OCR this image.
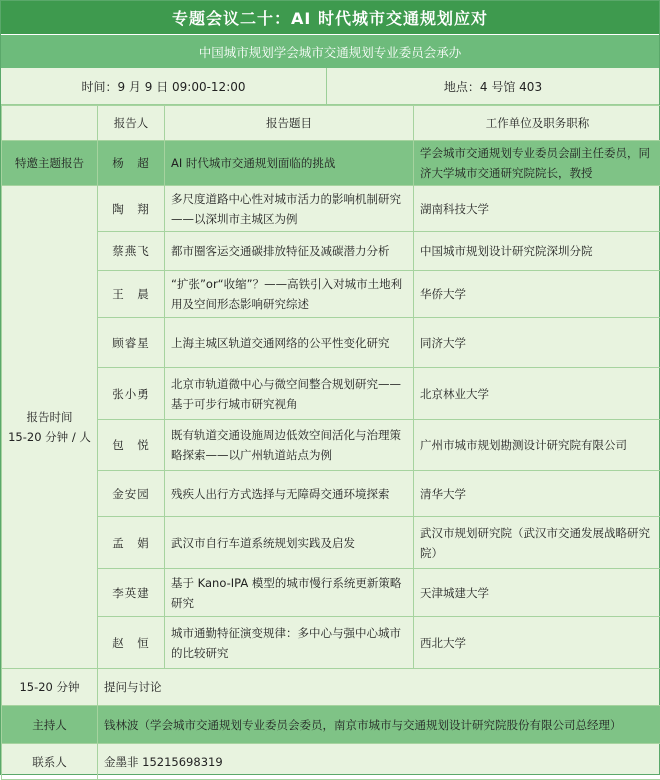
专题会议二十：AI 时代城市交通规划应对
中国城市规划学会城市交通规划专业委员会承办
时间：9 月 9 日 09:00-12:00	地点：4 号馆 403
	报告人	报告题目	工作单位及职务职称
特邀主题报告	杨　超	AI 时代城市交通规划面临的挑战	学会城市交通规划专业委员会副主任委员，同济大学城市交通研究院院长，教授

报告时间
15-20 分钟 / 人	陶　翔	多尺度道路中心性对城市活力的影响机制研究——以深圳市主城区为例	湖南科技大学
	蔡燕飞	都市圈客运交通碳排放特征及减碳潜力分析	中国城市规划设计研究院深圳分院
	王　晨	“扩张”or“收缩”？——高铁引入对城市土地利用及空间形态影响研究综述	华侨大学
	顾睿星	上海主城区轨道交通网络的公平性变化研究	同济大学
	张小勇	北京市轨道微中心与微空间整合规划研究——基于可步行城市研究视角	北京林业大学
	包　悦	既有轨道交通设施周边低效空间活化与治理策略探索——以广州轨道站点为例	广州市城市规划勘测设计研究院有限公司
	金安园	残疾人出行方式选择与无障碍交通环境探索	清华大学
	孟　娟	武汉市自行车道系统规划实践及启发	武汉市规划研究院（武汉市交通发展战略研究院）
	李英建	基于 Kano-IPA 模型的城市慢行系统更新策略研究	天津城建大学
	赵　恒	城市通勤特征演变规律：多中心与强中心城市的比较研究	西北大学
15-20 分钟	提问与讨论		
主持人	钱林波（学会城市交通规划专业委员会委员，南京市城市与交通规划设计研究院股份有限公司总经理）		
联系人	金墨非 15215698319		
